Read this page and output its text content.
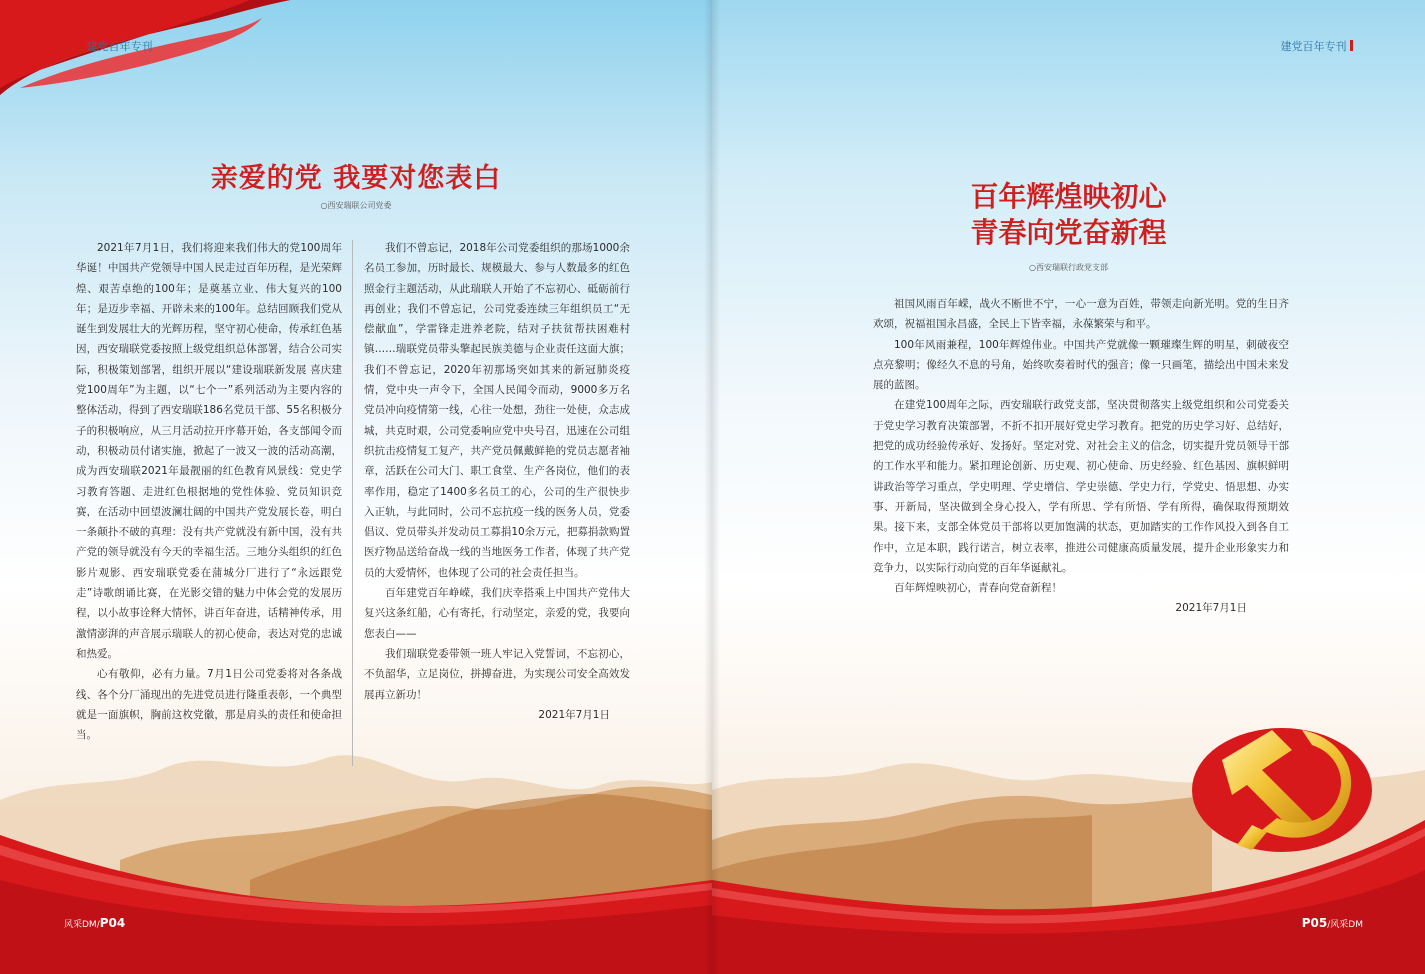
建党百年专刊
亲爱的党 我要对您表白
○西安瑞联公司党委

2021年7月1日，我们将迎来我们伟大的党100周年华诞！中国共产党领导中国人民走过百年历程，是光荣辉煌、艰苦卓绝的100年；是奠基立业、伟大复兴的100年；是迈步幸福、开辟未来的100年。总结回顾我们党从诞生到发展壮大的光辉历程，坚守初心使命，传承红色基因，西安瑞联党委按照上级党组织总体部署，结合公司实际，积极策划部署，组织开展以“建设瑞联新发展 喜庆建党100周年”为主题，以“七个一”系列活动为主要内容的整体活动，得到了西安瑞联186名党员干部、55名积极分子的积极响应，从三月活动拉开序幕开始，各支部闻令而动，积极动员付诸实施，掀起了一波又一波的活动高潮，成为西安瑞联2021年最靓丽的红色教育风景线：党史学习教育答题、走进红色根据地的党性体验、党员知识竞赛，在活动中回望波澜壮阔的中国共产党发展长卷，明白一条颠扑不破的真理：没有共产党就没有新中国，没有共产党的领导就没有今天的幸福生活。三地分头组织的红色影片观影、西安瑞联党委在蒲城分厂进行了“永远跟党走”诗歌朗诵比赛，在光影交错的魅力中体会党的发展历程，以小故事诠释大情怀，讲百年奋进，话精神传承，用激情澎湃的声音展示瑞联人的初心使命，表达对党的忠诚和热爱。

心有敬仰，必有力量。7月1日公司党委将对各条战线、各个分厂涌现出的先进党员进行隆重表彰，一个典型就是一面旗帜，胸前这枚党徽，那是肩头的责任和使命担当。

我们不曾忘记，2018年公司党委组织的那场1000余名员工参加，历时最长、规模最大、参与人数最多的红色照金行主题活动，从此瑞联人开始了不忘初心、砥砺前行再创业；我们不曾忘记，公司党委连续三年组织员工“无偿献血”，学雷锋走进养老院，结对子扶贫帮扶困难村镇……瑞联党员带头擎起民族美德与企业责任这面大旗；我们不曾忘记，2020年初那场突如其来的新冠肺炎疫情，党中央一声令下，全国人民闻令而动，9000多万名党员冲向疫情第一线，心往一处想，劲往一处使，众志成城，共克时艰，公司党委响应党中央号召，迅速在公司组织抗击疫情复工复产，共产党员佩戴鲜艳的党员志愿者袖章，活跃在公司大门、职工食堂、生产各岗位，他们的表率作用，稳定了1400多名员工的心，公司的生产很快步入正轨，与此同时，公司不忘抗疫一线的医务人员，党委倡议、党员带头并发动员工募捐10余万元，把募捐款购置医疗物品送给奋战一线的当地医务工作者，体现了共产党员的大爱情怀，也体现了公司的社会责任担当。

百年建党百年峥嵘，我们庆幸搭乘上中国共产党伟大复兴这条红船，心有寄托，行动坚定，亲爱的党，我要向您表白——

我们瑞联党委带领一班人牢记入党誓词，不忘初心，不负韶华，立足岗位，拼搏奋进，为实现公司安全高效发展再立新功！

2021年7月1日

风采DM/P04
建党百年专刊
百年辉煌映初心
青春向党奋新程
○西安瑞联行政党支部

祖国风雨百年嵘，战火不断世不宁，一心一意为百姓，带领走向新光明。党的生日齐欢颂，祝福祖国永昌盛，全民上下皆幸福，永葆繁荣与和平。

100年风雨兼程，100年辉煌伟业。中国共产党就像一颗璀璨生辉的明星，刺破夜空点亮黎明；像经久不息的号角，始终吹奏着时代的强音；像一只画笔，描绘出中国未来发展的蓝图。

在建党100周年之际，西安瑞联行政党支部，坚决贯彻落实上级党组织和公司党委关于党史学习教育决策部署，不折不扣开展好党史学习教育。把党的历史学习好、总结好，把党的成功经验传承好、发扬好。坚定对党、对社会主义的信念，切实提升党员领导干部的工作水平和能力。紧扣理论创新、历史观、初心使命、历史经验、红色基因、旗帜鲜明讲政治等学习重点，学史明理、学史增信、学史崇德、学史力行，学党史、悟思想、办实事、开新局，坚决做到全身心投入，学有所思、学有所悟、学有所得，确保取得预期效果。接下来，支部全体党员干部将以更加饱满的状态，更加踏实的工作作风投入到各自工作中，立足本职，践行诺言，树立表率，推进公司健康高质量发展，提升企业形象实力和竞争力，以实际行动向党的百年华诞献礼。

百年辉煌映初心，青春向党奋新程！

2021年7月1日

P05/风采DM
